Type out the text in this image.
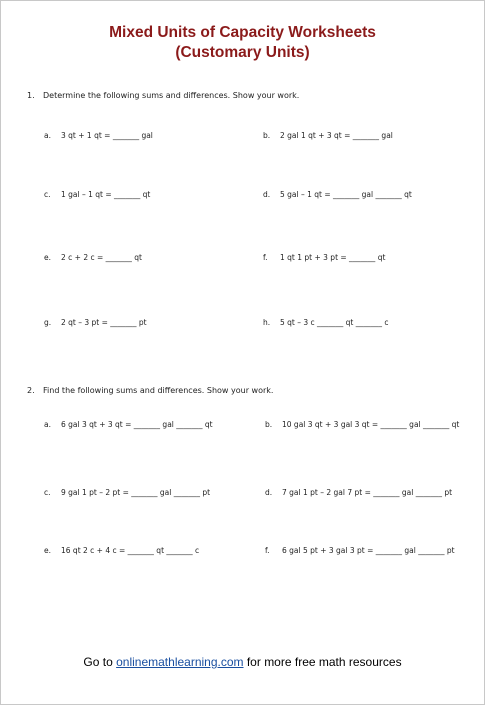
Mixed Units of Capacity Worksheets
(Customary Units)
1. Determine the following sums and differences. Show your work.
a. 3 qt + 1 qt = _______ gal	b. 2 gal 1 qt + 3 qt = _______ gal
c. 1 gal – 1 qt = _______ qt	d. 5 gal – 1 qt = _______ gal _______ qt
e. 2 c + 2 c = _______ qt	f. 1 qt 1 pt + 3 pt = _______ qt
g. 2 qt – 3 pt = _______ pt	h. 5 qt – 3 c _______ qt _______ c
2. Find the following sums and differences. Show your work.
a. 6 gal 3 qt + 3 qt = _______ gal _______ qt	b. 10 gal 3 qt + 3 gal 3 qt = _______ gal _______ qt
c. 9 gal 1 pt – 2 pt = _______ gal _______ pt	d. 7 gal 1 pt – 2 gal 7 pt = _______ gal _______ pt
e. 16 qt 2 c + 4 c = _______ qt _______ c	f. 6 gal 5 pt + 3 gal 3 pt = _______ gal _______ pt
Go to onlinemathlearning.com for more free math resources
